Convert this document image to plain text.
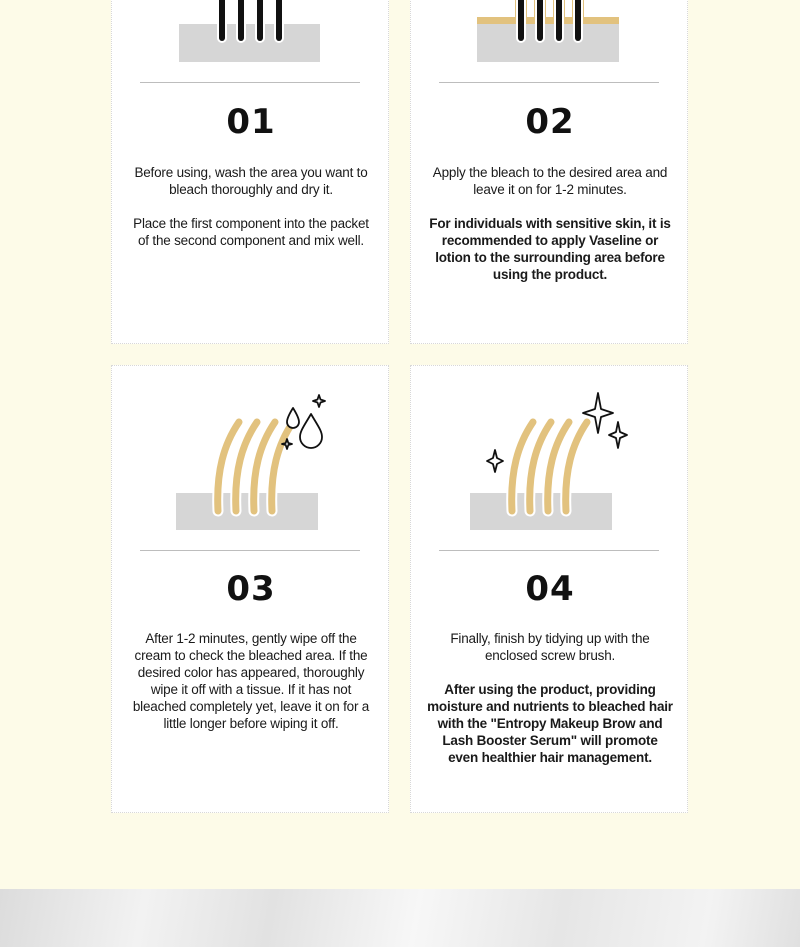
01

Before using, wash the area you want to bleach thoroughly and dry it.

Place the first component into the packet of the second component and mix well.

02

Apply the bleach to the desired area and leave it on for 1-2 minutes.

For individuals with sensitive skin, it is recommended to apply Vaseline or lotion to the surrounding area before using the product.

03

After 1-2 minutes, gently wipe off the cream to check the bleached area. If the desired color has appeared, thoroughly wipe it off with a tissue. If it has not bleached completely yet, leave it on for a little longer before wiping it off.

04

Finally, finish by tidying up with the enclosed screw brush.

After using the product, providing moisture and nutrients to bleached hair with the "Entropy Makeup Brow and Lash Booster Serum" will promote even healthier hair management.
